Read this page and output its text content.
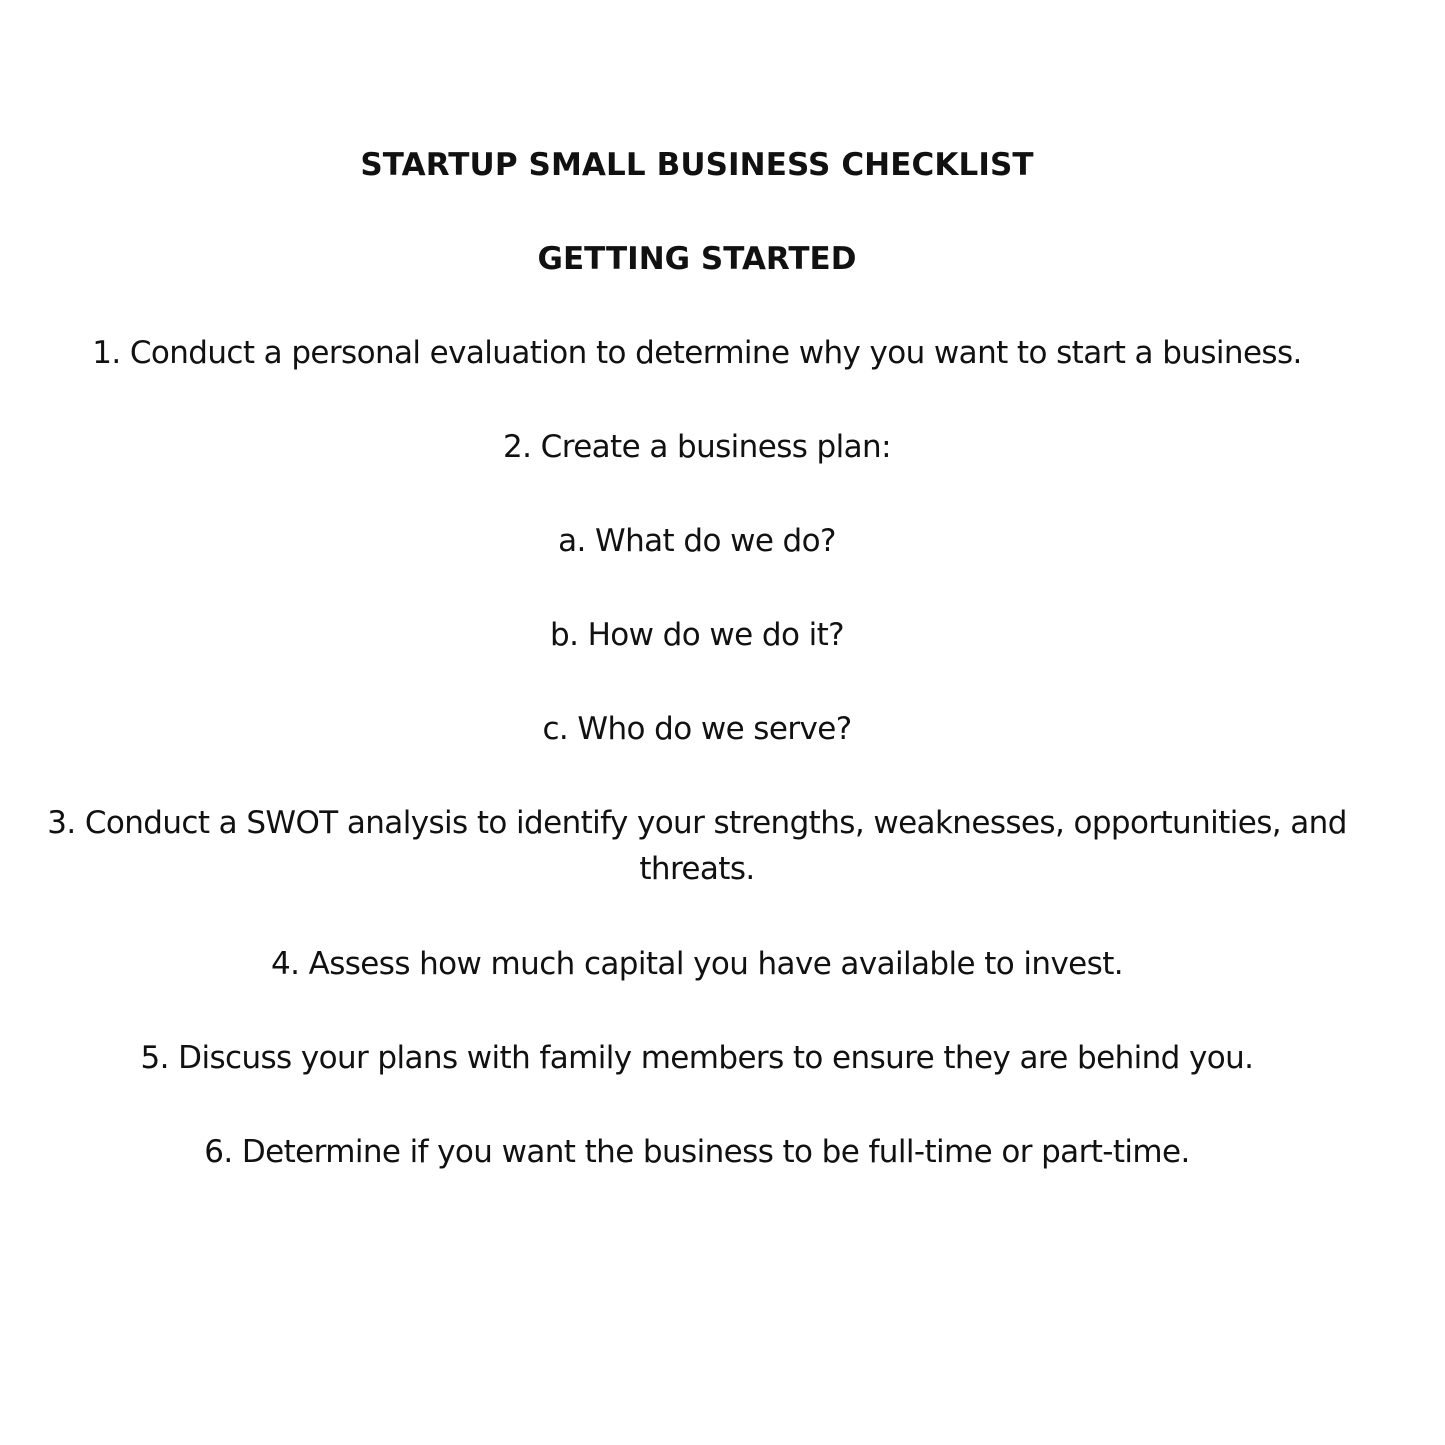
STARTUP SMALL BUSINESS CHECKLIST
GETTING STARTED

1. Conduct a personal evaluation to determine why you want to start a business.

2. Create a business plan:

a. What do we do?

b. How do we do it?

c. Who do we serve?

3. Conduct a SWOT analysis to identify your strengths, weaknesses, opportunities, and threats.

4. Assess how much capital you have available to invest.

5. Discuss your plans with family members to ensure they are behind you.

6. Determine if you want the business to be full-time or part-time.
